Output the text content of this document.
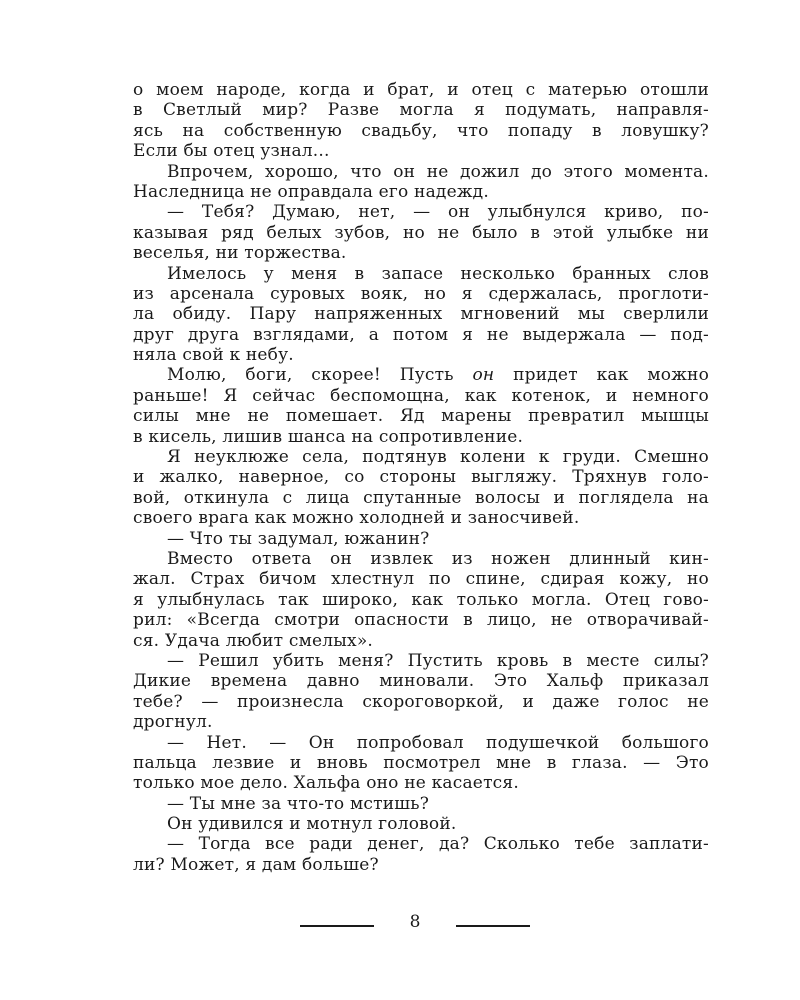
о моем народе, когда и брат, и отец с матерью отошли
в Светлый мир? Разве могла я подумать, направля-
ясь на собственную свадьбу, что попаду в ловушку?
Если бы отец узнал...
Впрочем, хорошо, что он не дожил до этого момента.
Наследница не оправдала его надежд.
— Тебя? Думаю, нет, — он улыбнулся криво, по-
казывая ряд белых зубов, но не было в этой улыбке ни
веселья, ни торжества.
Имелось у меня в запасе несколько бранных слов
из арсенала суровых вояк, но я сдержалась, проглоти-
ла обиду. Пару напряженных мгновений мы сверлили
друг друга взглядами, а потом я не выдержала — под-
няла свой к небу.
Молю, боги, скорее! Пусть он придет как можно
раньше! Я сейчас беспомощна, как котенок, и немного
силы мне не помешает. Яд марены превратил мышцы
в кисель, лишив шанса на сопротивление.
Я неуклюже села, подтянув колени к груди. Смешно
и жалко, наверное, со стороны выгляжу. Тряхнув голо-
вой, откинула с лица спутанные волосы и поглядела на
своего врага как можно холодней и заносчивей.
— Что ты задумал, южанин?
Вместо ответа он извлек из ножен длинный кин-
жал. Страх бичом хлестнул по спине, сдирая кожу, но
я улыбнулась так широко, как только могла. Отец гово-
рил: «Всегда смотри опасности в лицо, не отворачивай-
ся. Удача любит смелых».
— Решил убить меня? Пустить кровь в месте силы?
Дикие времена давно миновали. Это Хальф приказал
тебе? — произнесла скороговоркой, и даже голос не
дрогнул.
— Нет. — Он попробовал подушечкой большого
пальца лезвие и вновь посмотрел мне в глаза. — Это
только мое дело. Хальфа оно не касается.
— Ты мне за что-то мстишь?
Он удивился и мотнул головой.
— Тогда все ради денег, да? Сколько тебе заплати-
ли? Может, я дам больше?
8
